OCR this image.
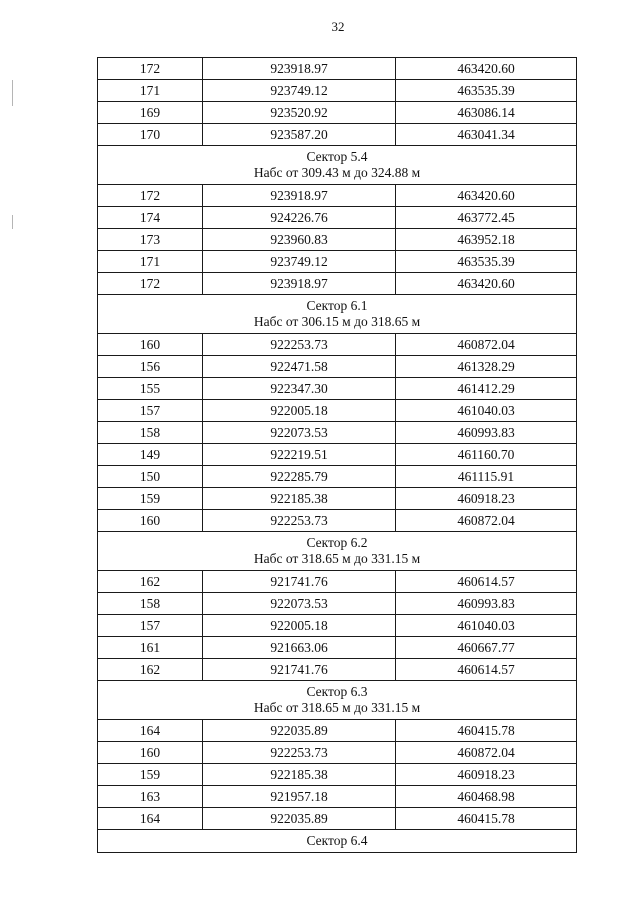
32
172	923918.97	463420.60
171	923749.12	463535.39
169	923520.92	463086.14
170	923587.20	463041.34

Сектор 5.4
Набс от 309.43 м до 324.88 м		

172	923918.97	463420.60
174	924226.76	463772.45
173	923960.83	463952.18
171	923749.12	463535.39
172	923918.97	463420.60

Сектор 6.1
Набс от 306.15 м до 318.65 м		

160	922253.73	460872.04
156	922471.58	461328.29
155	922347.30	461412.29
157	922005.18	461040.03
158	922073.53	460993.83
149	922219.51	461160.70
150	922285.79	461115.91
159	922185.38	460918.23
160	922253.73	460872.04

Сектор 6.2
Набс от 318.65 м до 331.15 м		

162	921741.76	460614.57
158	922073.53	460993.83
157	922005.18	461040.03
161	921663.06	460667.77
162	921741.76	460614.57

Сектор 6.3
Набс от 318.65 м до 331.15 м		

164	922035.89	460415.78
160	922253.73	460872.04
159	922185.38	460918.23
163	921957.18	460468.98
164	922035.89	460415.78

Сектор 6.4		
